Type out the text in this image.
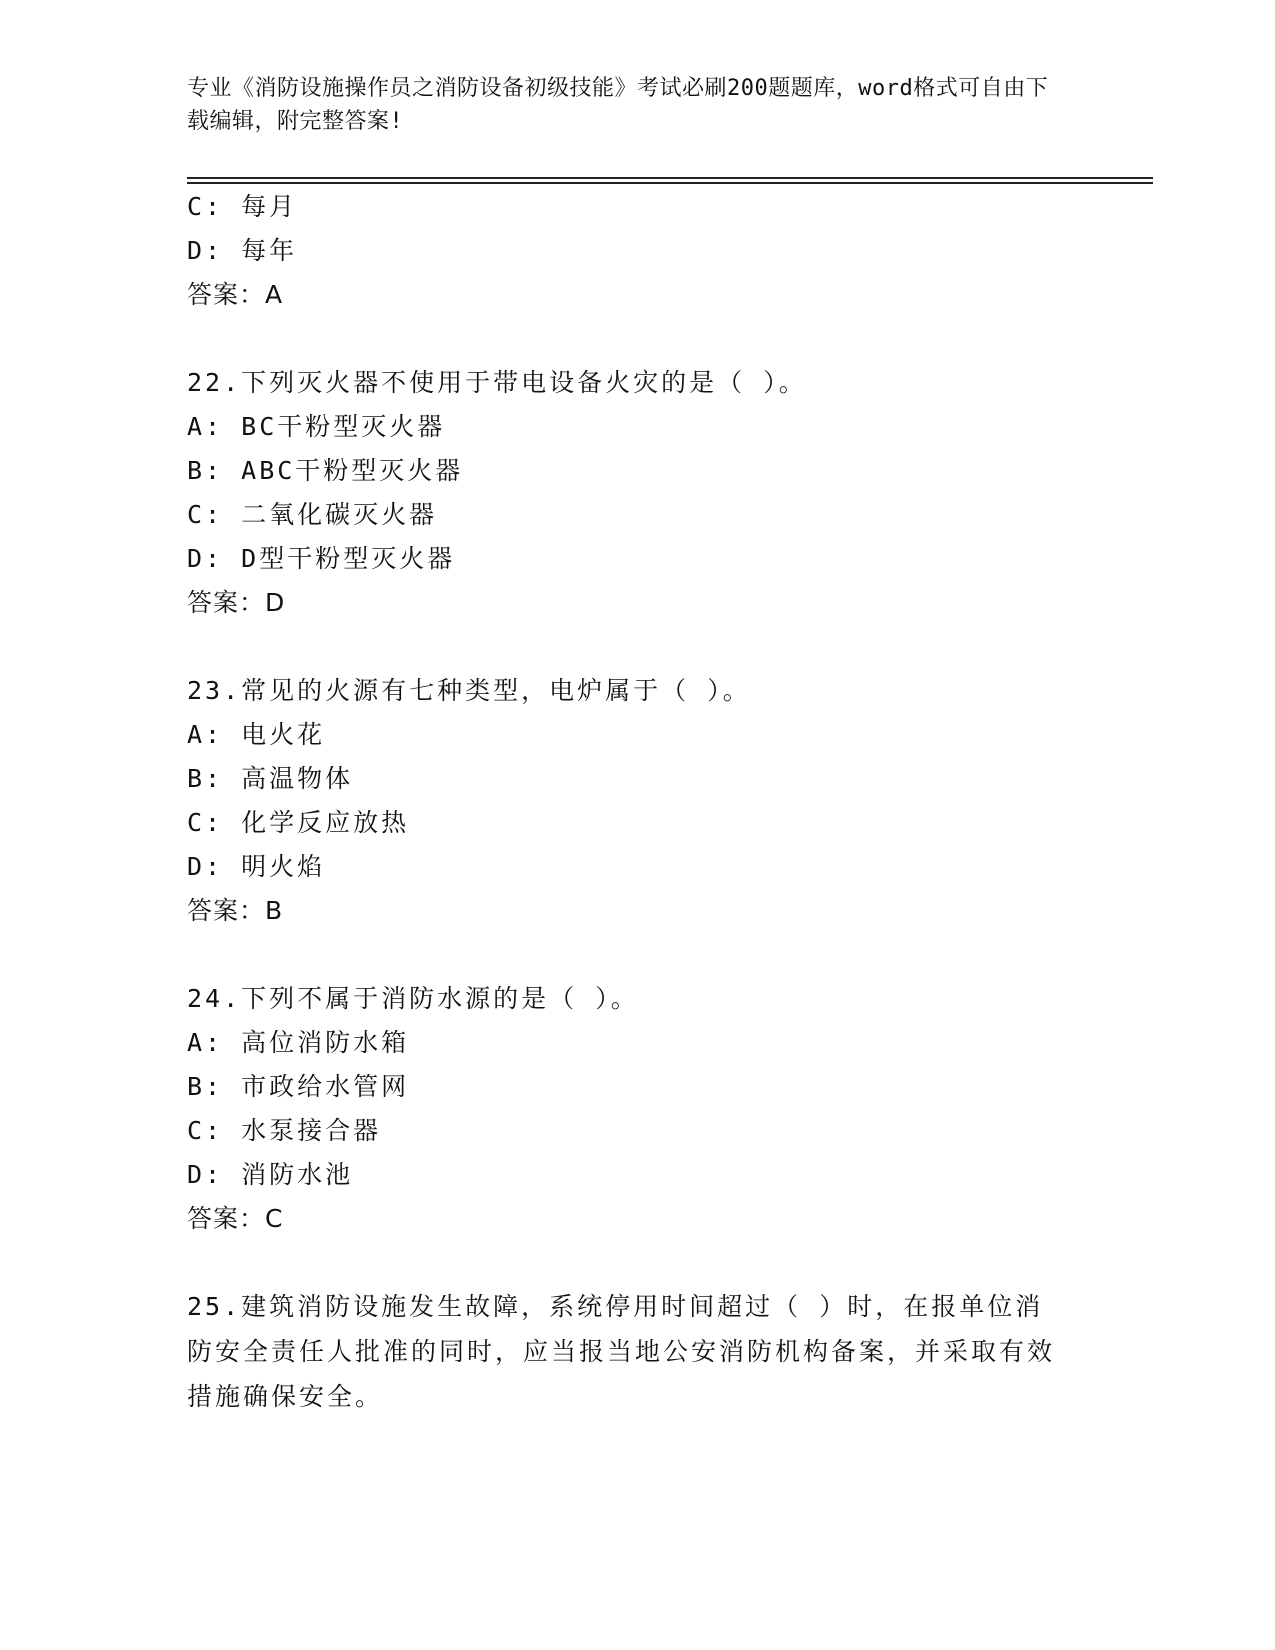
专业《消防设施操作员之消防设备初级技能》考试必刷200题题库，word格式可自由下载编辑，附完整答案!
C: 每月
D: 每年
答案：A
22.下列灭火器不使用于带电设备火灾的是（ ）。
A: BC干粉型灭火器
B: ABC干粉型灭火器
C: 二氧化碳灭火器
D: D型干粉型灭火器
答案：D
23.常见的火源有七种类型，电炉属于（ ）。
A: 电火花
B: 高温物体
C: 化学反应放热
D: 明火焰
答案：B
24.下列不属于消防水源的是（ ）。
A: 高位消防水箱
B: 市政给水管网
C: 水泵接合器
D: 消防水池
答案：C
25.建筑消防设施发生故障，系统停用时间超过（ ）时，在报单位消防安全责任人批准的同时，应当报当地公安消防机构备案，并采取有效措施确保安全。
